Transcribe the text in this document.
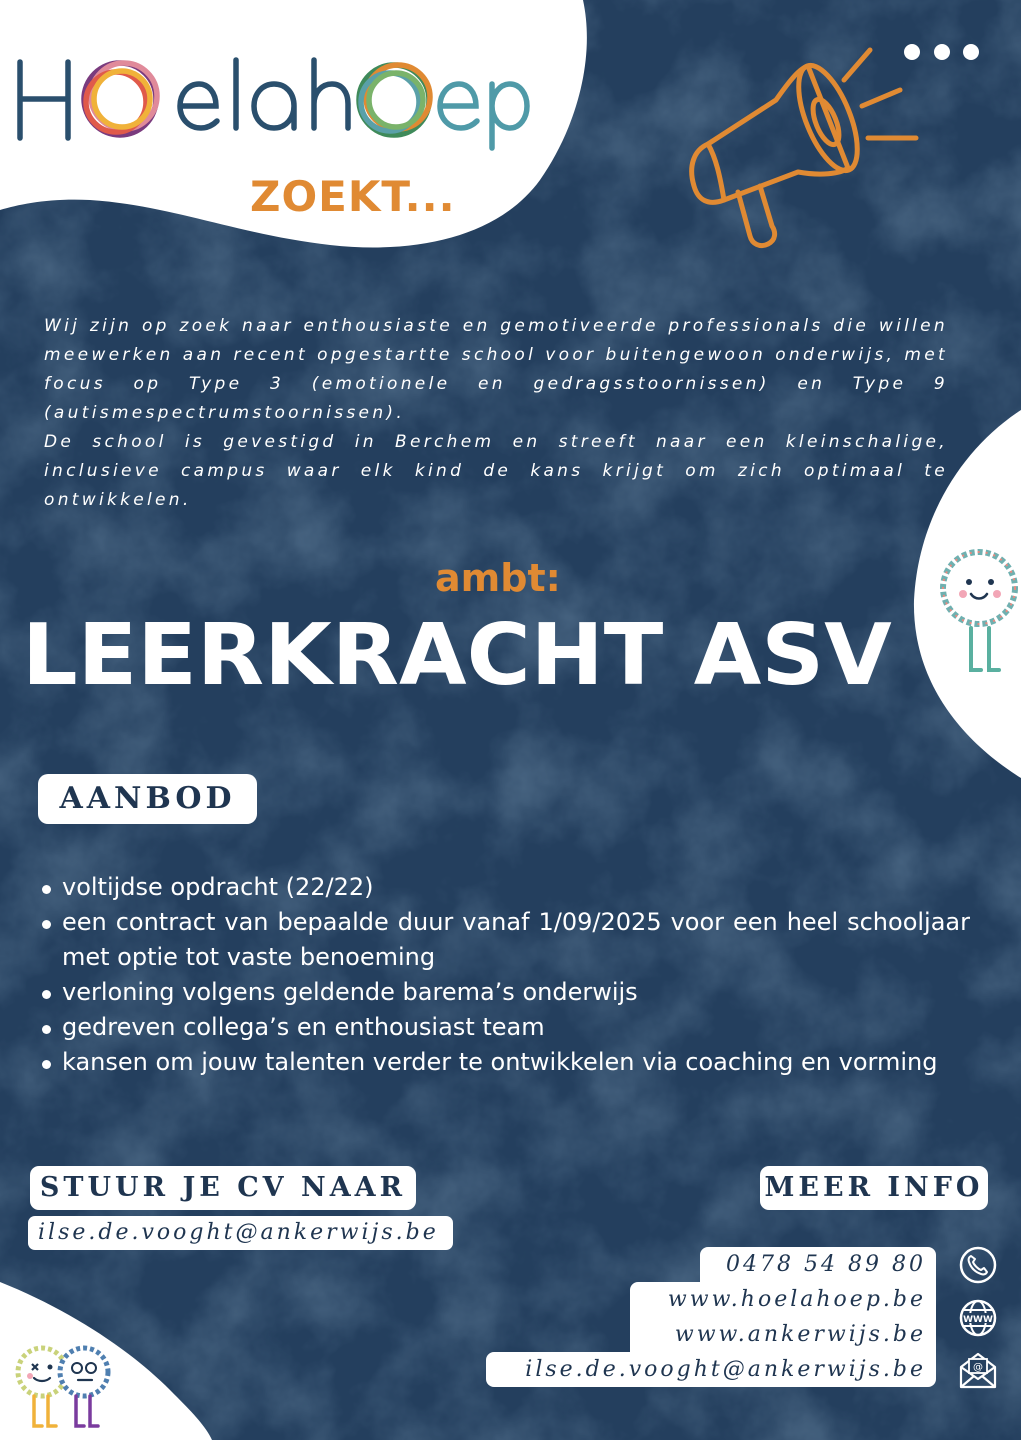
ZOEKT...

Wij zijn op zoek naar enthousiaste en gemotiveerde professionals die willen meewerken aan recent opgestartte school voor buitengewoon onderwijs, met focus op Type 3 (emotionele en gedragsstoornissen) en Type 9 (autismespectrumstoornissen).

De school is gevestigd in Berchem en streeft naar een kleinschalige, inclusieve campus waar elk kind de kans krijgt om zich optimaal te ontwikkelen.

ambt:
LEERKRACHT ASV
AANBOD
voltijdse opdracht (22/22)
een contract van bepaalde duur vanaf 1/09/2025 voor een heel schooljaar met optie tot vaste benoeming
verloning volgens geldende barema’s onderwijs
gedreven collega’s en enthousiast team
kansen om jouw talenten verder te ontwikkelen via coaching en vorming
STUUR JE CV NAAR
ilse.de.vooght@ankerwijs.be
MEER INFO
0478 54 89 80
www.hoelahoep.be
www.ankerwijs.be
ilse.de.vooght@ankerwijs.be
WWW
@
